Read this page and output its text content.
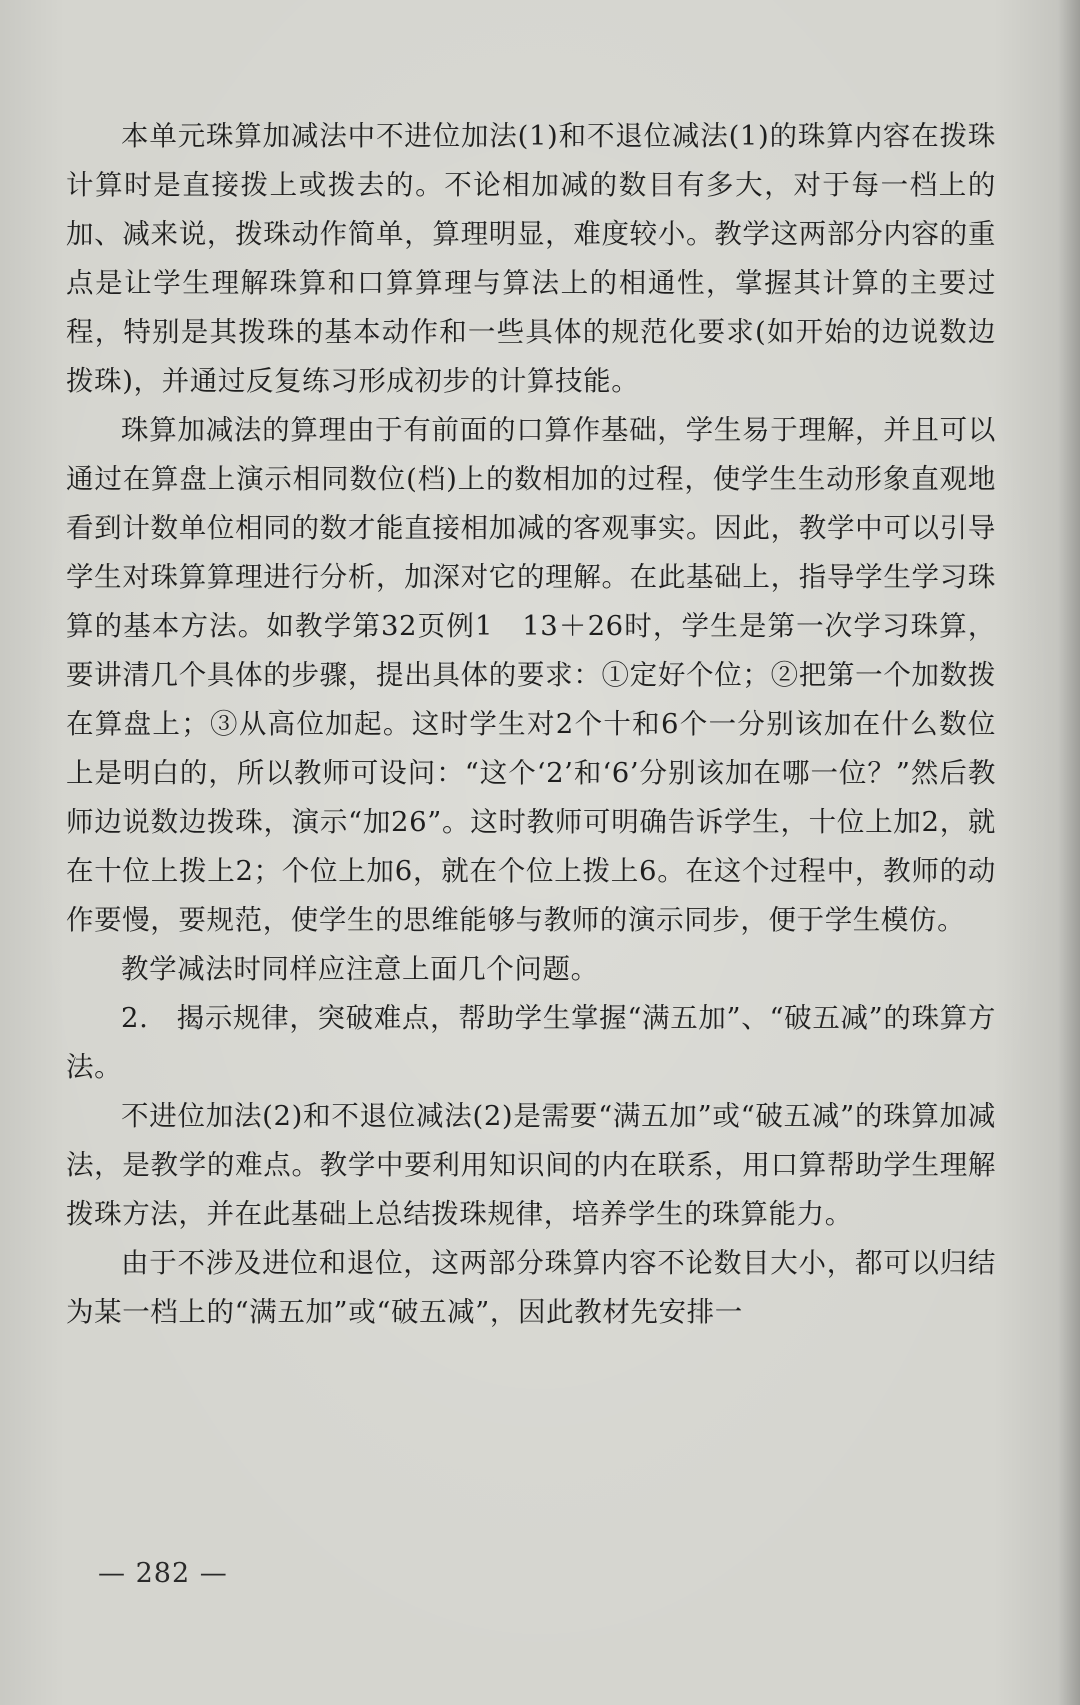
本单元珠算加减法中不进位加法(1)和不退位减法(1)的珠算内容在拨珠计算时是直接拨上或拨去的。不论相加减的数目有多大，对于每一档上的加、减来说，拨珠动作简单，算理明显，难度较小。教学这两部分内容的重点是让学生理解珠算和口算算理与算法上的相通性，掌握其计算的主要过程，特别是其拨珠的基本动作和一些具体的规范化要求(如开始的边说数边拨珠)，并通过反复练习形成初步的计算技能。

珠算加减法的算理由于有前面的口算作基础，学生易于理解，并且可以通过在算盘上演示相同数位(档)上的数相加的过程，使学生生动形象直观地看到计数单位相同的数才能直接相加减的客观事实。因此，教学中可以引导学生对珠算算理进行分析，加深对它的理解。在此基础上，指导学生学习珠算的基本方法。如教学第32页例1　13＋26时，学生是第一次学习珠算，要讲清几个具体的步骤，提出具体的要求：①定好个位；②把第一个加数拨在算盘上；③从高位加起。这时学生对2个十和6个一分别该加在什么数位上是明白的，所以教师可设问：“这个‘2’和‘6’分别该加在哪一位？”然后教师边说数边拨珠，演示“加26”。这时教师可明确告诉学生，十位上加2，就在十位上拨上2；个位上加6，就在个位上拨上6。在这个过程中，教师的动作要慢，要规范，使学生的思维能够与教师的演示同步，便于学生模仿。

教学减法时同样应注意上面几个问题。

2.　揭示规律，突破难点，帮助学生掌握“满五加”、“破五减”的珠算方法。

不进位加法(2)和不退位减法(2)是需要“满五加”或“破五减”的珠算加减法，是教学的难点。教学中要利用知识间的内在联系，用口算帮助学生理解拨珠方法，并在此基础上总结拨珠规律，培养学生的珠算能力。

由于不涉及进位和退位，这两部分珠算内容不论数目大小，都可以归结为某一档上的“满五加”或“破五减”，因此教材先安排一

— 282 —
